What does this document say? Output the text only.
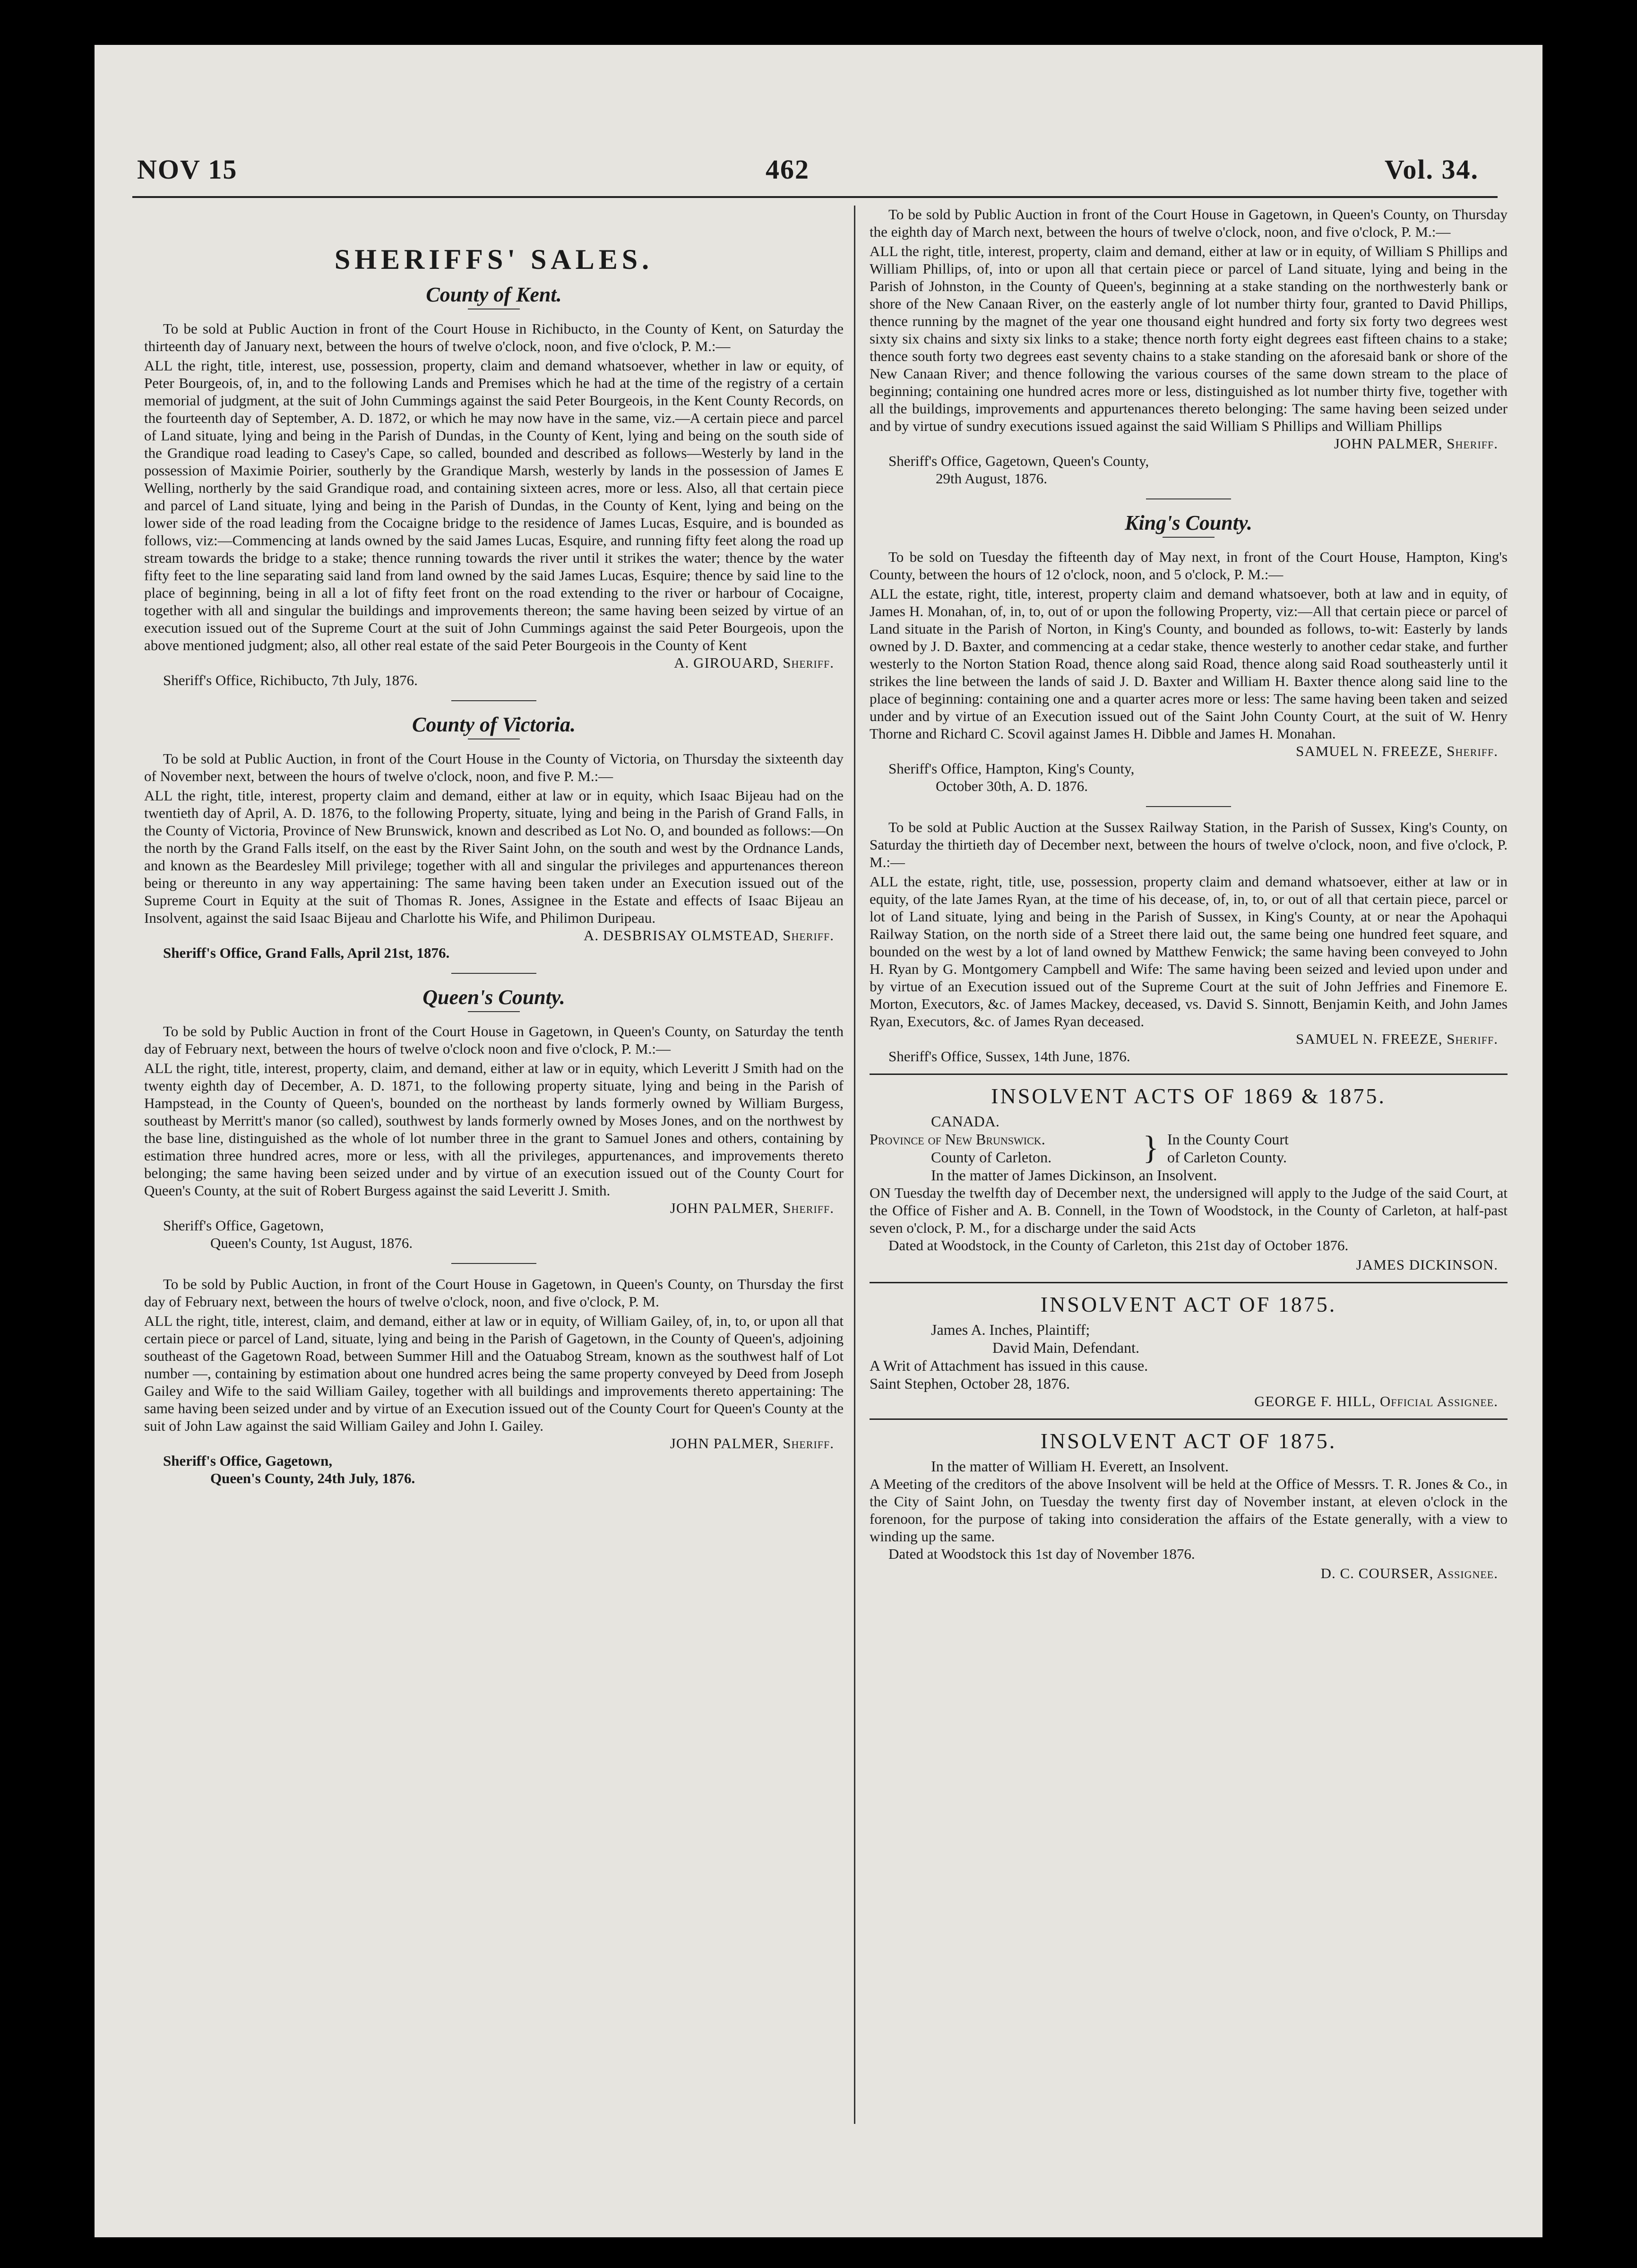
NOV 15	462	Vol. 34.
SHERIFFS' SALES.
County of Kent.
To be sold at Public Auction in front of the Court House in Richibucto, in the County of Kent, on Saturday the thirteenth day of January next, between the hours of twelve o'clock, noon, and five o'clock, P. M.:—
ALL the right, title, interest, use, possession, property, claim and demand whatsoever, whether in law or equity, of Peter Bourgeois, of, in, and to the following Lands and Premises which he had at the time of the registry of a certain memorial of judgment, at the suit of John Cummings against the said Peter Bourgeois, in the Kent County Records, on the fourteenth day of September, A. D. 1872, or which he may now have in the same, viz.—A certain piece and parcel of Land situate, lying and being in the Parish of Dundas, in the County of Kent, lying and being on the south side of the Grandique road leading to Casey's Cape, so called, bounded and described as follows—Westerly by land in the possession of Maximie Poirier, southerly by the Grandique Marsh, westerly by lands in the possession of James E Welling, northerly by the said Grandique road, and containing sixteen acres, more or less. Also, all that certain piece and parcel of Land situate, lying and being in the Parish of Dundas, in the County of Kent, lying and being on the lower side of the road leading from the Cocaigne bridge to the residence of James Lucas, Esquire, and is bounded as follows, viz:—Commencing at lands owned by the said James Lucas, Esquire, and running fifty feet along the road up stream towards the bridge to a stake; thence running towards the river until it strikes the water; thence by the water fifty feet to the line separating said land from land owned by the said James Lucas, Esquire; thence by said line to the place of beginning, being in all a lot of fifty feet front on the road extending to the river or harbour of Cocaigne, together with all and singular the buildings and improvements thereon; the same having been seized by virtue of an execution issued out of the Supreme Court at the suit of John Cummings against the said Peter Bourgeois, upon the above mentioned judgment; also, all other real estate of the said Peter Bourgeois in the County of Kent
A. GIROUARD, Sheriff.
Sheriff's Office, Richibucto, 7th July, 1876.
County of Victoria.
To be sold at Public Auction, in front of the Court House in the County of Victoria, on Thursday the sixteenth day of November next, between the hours of twelve o'clock, noon, and five P. M.:—
ALL the right, title, interest, property claim and demand, either at law or in equity, which Isaac Bijeau had on the twentieth day of April, A. D. 1876, to the following Property, situate, lying and being in the Parish of Grand Falls, in the County of Victoria, Province of New Brunswick, known and described as Lot No. O, and bounded as follows:—On the north by the Grand Falls itself, on the east by the River Saint John, on the south and west by the Ordnance Lands, and known as the Beardesley Mill privilege; together with all and singular the privileges and appurtenances thereon being or thereunto in any way appertaining: The same having been taken under an Execution issued out of the Supreme Court in Equity at the suit of Thomas R. Jones, Assignee in the Estate and effects of Isaac Bijeau an Insolvent, against the said Isaac Bijeau and Charlotte his Wife, and Philimon Duripeau.
A. DESBRISAY OLMSTEAD, Sheriff.
Sheriff's Office, Grand Falls, April 21st, 1876.
Queen's County.
To be sold by Public Auction in front of the Court House in Gagetown, in Queen's County, on Saturday the tenth day of February next, between the hours of twelve o'clock noon and five o'clock, P. M.:—
ALL the right, title, interest, property, claim, and demand, either at law or in equity, which Leveritt J Smith had on the twenty eighth day of December, A. D. 1871, to the following property situate, lying and being in the Parish of Hampstead, in the County of Queen's, bounded on the northeast by lands formerly owned by William Burgess, southeast by Merritt's manor (so called), southwest by lands formerly owned by Moses Jones, and on the northwest by the base line, distinguished as the whole of lot number three in the grant to Samuel Jones and others, containing by estimation three hundred acres, more or less, with all the privileges, appurtenances, and improvements thereto belonging; the same having been seized under and by virtue of an execution issued out of the County Court for Queen's County, at the suit of Robert Burgess against the said Leveritt J. Smith.
JOHN PALMER, Sheriff.
Sheriff's Office, Gagetown,
Queen's County, 1st August, 1876.
To be sold by Public Auction, in front of the Court House in Gagetown, in Queen's County, on Thursday the first day of February next, between the hours of twelve o'clock, noon, and five o'clock, P. M.
ALL the right, title, interest, claim, and demand, either at law or in equity, of William Gailey, of, in, to, or upon all that certain piece or parcel of Land, situate, lying and being in the Parish of Gagetown, in the County of Queen's, adjoining southeast of the Gagetown Road, between Summer Hill and the Oatuabog Stream, known as the southwest half of Lot number —, containing by estimation about one hundred acres being the same property conveyed by Deed from Joseph Gailey and Wife to the said William Gailey, together with all buildings and improvements thereto appertaining: The same having been seized under and by virtue of an Execution issued out of the County Court for Queen's County at the suit of John Law against the said William Gailey and John I. Gailey.
JOHN PALMER, Sheriff.
Sheriff's Office, Gagetown,
Queen's County, 24th July, 1876.
To be sold by Public Auction in front of the Court House in Gagetown, in Queen's County, on Thursday the eighth day of March next, between the hours of twelve o'clock, noon, and five o'clock, P. M.:—
ALL the right, title, interest, property, claim and demand, either at law or in equity, of William S Phillips and William Phillips, of, into or upon all that certain piece or parcel of Land situate, lying and being in the Parish of Johnston, in the County of Queen's, beginning at a stake standing on the northwesterly bank or shore of the New Canaan River, on the easterly angle of lot number thirty four, granted to David Phillips, thence running by the magnet of the year one thousand eight hundred and forty six forty two degrees west sixty six chains and sixty six links to a stake; thence north forty eight degrees east fifteen chains to a stake; thence south forty two degrees east seventy chains to a stake standing on the aforesaid bank or shore of the New Canaan River; and thence following the various courses of the same down stream to the place of beginning; containing one hundred acres more or less, distinguished as lot number thirty five, together with all the buildings, improvements and appurtenances thereto belonging: The same having been seized under and by virtue of sundry executions issued against the said William S Phillips and William Phillips
JOHN PALMER, Sheriff.
Sheriff's Office, Gagetown, Queen's County,
29th August, 1876.
King's County.
To be sold on Tuesday the fifteenth day of May next, in front of the Court House, Hampton, King's County, between the hours of 12 o'clock, noon, and 5 o'clock, P. M.:—
ALL the estate, right, title, interest, property claim and demand whatsoever, both at law and in equity, of James H. Monahan, of, in, to, out of or upon the following Property, viz:—All that certain piece or parcel of Land situate in the Parish of Norton, in King's County, and bounded as follows, to-wit: Easterly by lands owned by J. D. Baxter, and commencing at a cedar stake, thence westerly to another cedar stake, and further westerly to the Norton Station Road, thence along said Road, thence along said Road southeasterly until it strikes the line between the lands of said J. D. Baxter and William H. Baxter thence along said line to the place of beginning: containing one and a quarter acres more or less: The same having been taken and seized under and by virtue of an Execution issued out of the Saint John County Court, at the suit of W. Henry Thorne and Richard C. Scovil against James H. Dibble and James H. Monahan.
SAMUEL N. FREEZE, Sheriff.
Sheriff's Office, Hampton, King's County,
October 30th, A. D. 1876.
To be sold at Public Auction at the Sussex Railway Station, in the Parish of Sussex, King's County, on Saturday the thirtieth day of December next, between the hours of twelve o'clock, noon, and five o'clock, P. M.:—
ALL the estate, right, title, use, possession, property claim and demand whatsoever, either at law or in equity, of the late James Ryan, at the time of his decease, of, in, to, or out of all that certain piece, parcel or lot of Land situate, lying and being in the Parish of Sussex, in King's County, at or near the Apohaqui Railway Station, on the north side of a Street there laid out, the same being one hundred feet square, and bounded on the west by a lot of land owned by Matthew Fenwick; the same having been conveyed to John H. Ryan by G. Montgomery Campbell and Wife: The same having been seized and levied upon under and by virtue of an Execution issued out of the Supreme Court at the suit of John Jeffries and Finemore E. Morton, Executors, &c. of James Mackey, deceased, vs. David S. Sinnott, Benjamin Keith, and John James Ryan, Executors, &c. of James Ryan deceased.
SAMUEL N. FREEZE, Sheriff.
Sheriff's Office, Sussex, 14th June, 1876.
INSOLVENT ACTS OF 1869 & 1875.
CANADA.
Province of New Brunswick.
County of Carleton.	} In the County Court
of Carleton County.
In the matter of James Dickinson, an Insolvent.
ON Tuesday the twelfth day of December next, the undersigned will apply to the Judge of the said Court, at the Office of Fisher and A. B. Connell, in the Town of Woodstock, in the County of Carleton, at half-past seven o'clock, P. M., for a discharge under the said Acts
Dated at Woodstock, in the County of Carleton, this 21st day of October 1876.
JAMES DICKINSON.
INSOLVENT ACT OF 1875.
James A. Inches, Plaintiff;
David Main, Defendant.
A Writ of Attachment has issued in this cause.
Saint Stephen, October 28, 1876.
GEORGE F. HILL, Official Assignee.
INSOLVENT ACT OF 1875.
In the matter of William H. Everett, an Insolvent.
A Meeting of the creditors of the above Insolvent will be held at the Office of Messrs. T. R. Jones & Co., in the City of Saint John, on Tuesday the twenty first day of November instant, at eleven o'clock in the forenoon, for the purpose of taking into consideration the affairs of the Estate generally, with a view to winding up the same.
Dated at Woodstock this 1st day of November 1876.
D. C. COURSER, Assignee.
